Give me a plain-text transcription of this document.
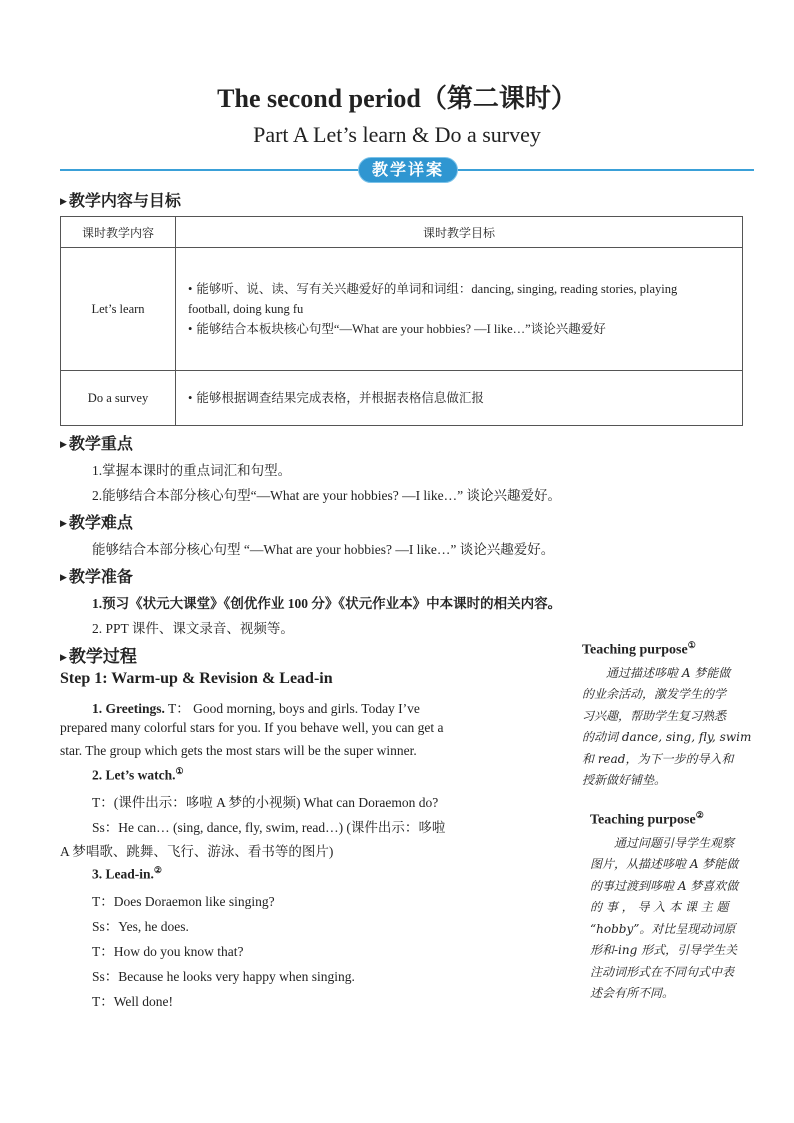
The second period（第二课时）
Part A Let’s learn & Do a survey
教学详案
▶ 教学内容与目标
课时教学内容	课时教学目标
Let’s learn	• 能够听、说、读、写有关兴趣爱好的单词和词组：dancing, singing, reading stories, playing
football, doing kung fu
• 能够结合本板块核心句型“—What are your hobbies? —I like…”谈论兴趣爱好

Do a survey	• 能够根据调查结果完成表格，并根据表格信息做汇报
▶ 教学重点
1.掌握本课时的重点词汇和句型。
2.能够结合本部分核心句型“—What are your hobbies? —I like…” 谈论兴趣爱好。
▶ 教学难点
能够结合本部分核心句型 “—What are your hobbies? —I like…” 谈论兴趣爱好。
▶ 教学准备
1.预习《状元大课堂》《创优作业 100 分》《状元作业本》中本课时的相关内容。
2. PPT 课件、课文录音、视频等。
▶ 教学过程
Step 1: Warm-up & Revision & Lead-in
1. Greetings. T： Good morning, boys and girls. Today I’ve
prepared many colorful stars for you. If you behave well, you can get a
star. The group which gets the most stars will be the super winner.
2. Let’s watch.①
T：(课件出示：哆啦 A 梦的小视频) What can Doraemon do?
Ss：He can… (sing, dance, fly, swim, read…) (课件出示：哆啦
A 梦唱歌、跳舞、飞行、游泳、看书等的图片)
3. Lead-in.②
T：Does Doraemon like singing?
Ss：Yes, he does.
T：How do you know that?
Ss：Because he looks very happy when singing.
T：Well done!
Teaching purpose①
通过描述哆啦 A 梦能做
的业余活动，激发学生的学
习兴趣，帮助学生复习熟悉
的动词 dance, sing, fly, swim
和 read，为下一步的导入和
授新做好铺垫。
Teaching purpose②
通过问题引导学生观察
图片，从描述哆啦 A 梦能做
的事过渡到哆啦 A 梦喜欢做
的 事 ， 导 入 本 课 主 题
“hobby”。对比呈现动词原
形和-ing 形式，引导学生关
注动词形式在不同句式中表
述会有所不同。
